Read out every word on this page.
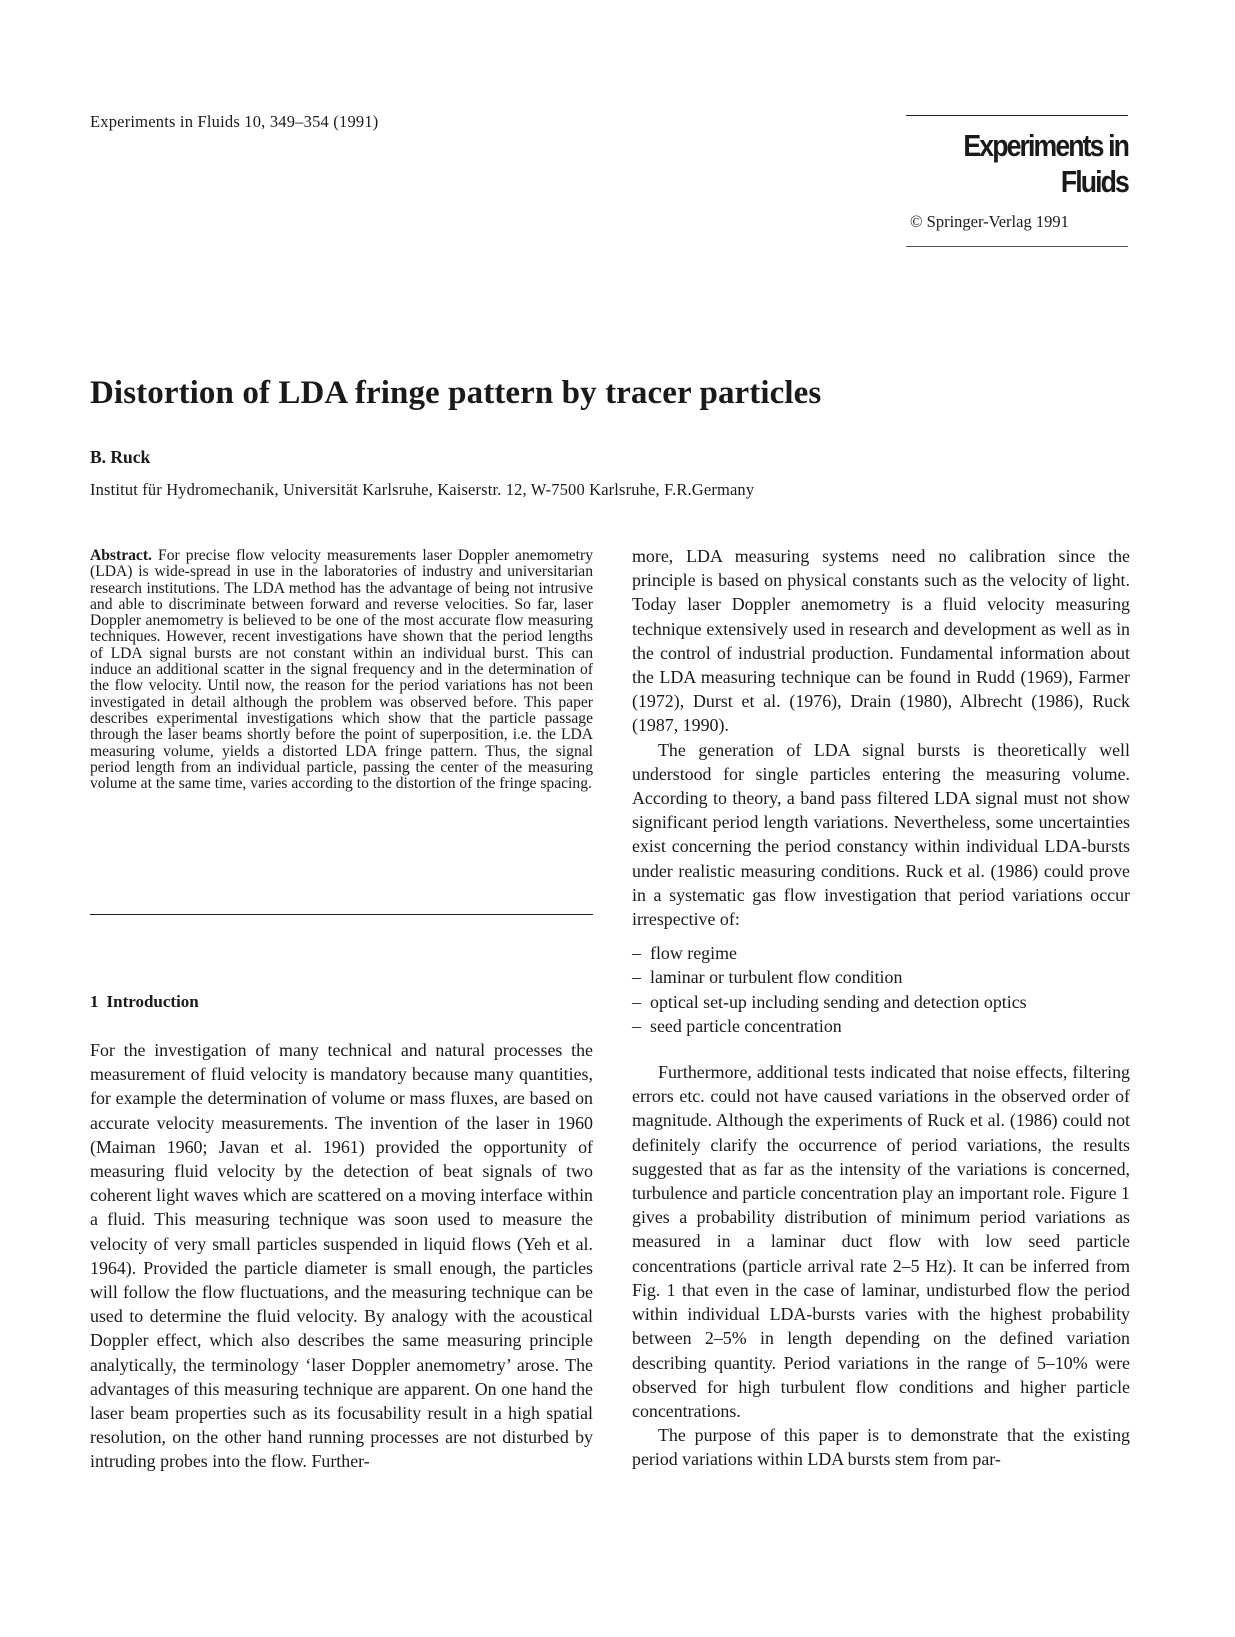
Experiments in Fluids 10, 349–354 (1991)
Experiments in Fluids
© Springer-Verlag 1991
Distortion of LDA fringe pattern by tracer particles
B. Ruck
Institut für Hydromechanik, Universität Karlsruhe, Kaiserstr. 12, W-7500 Karlsruhe, F.R.Germany
Abstract. For precise flow velocity measurements laser Doppler anemometry (LDA) is wide-spread in use in the laboratories of industry and universitarian research institutions. The LDA method has the advantage of being not intrusive and able to discriminate between forward and reverse velocities. So far, laser Doppler anemometry is believed to be one of the most accurate flow measuring techniques. However, recent investigations have shown that the period lengths of LDA signal bursts are not constant within an individual burst. This can induce an additional scatter in the signal frequency and in the determination of the flow velocity. Until now, the reason for the period variations has not been investigated in detail although the problem was observed before. This paper describes experimental investigations which show that the particle passage through the laser beams shortly before the point of superposition, i.e. the LDA measuring volume, yields a distorted LDA fringe pattern. Thus, the signal period length from an individual particle, passing the center of the measuring volume at the same time, varies according to the distortion of the fringe spacing.
1 Introduction

For the investigation of many technical and natural processes the measurement of fluid velocity is mandatory because many quantities, for example the determination of volume or mass fluxes, are based on accurate velocity measurements. The invention of the laser in 1960 (Maiman 1960; Javan et al. 1961) provided the opportunity of measuring fluid velocity by the detection of beat signals of two coherent light waves which are scattered on a moving interface within a fluid. This measuring technique was soon used to measure the velocity of very small particles suspended in liquid flows (Yeh et al. 1964). Provided the particle diameter is small enough, the particles will follow the flow fluctuations, and the measuring technique can be used to determine the fluid velocity. By analogy with the acoustical Doppler effect, which also describes the same measuring principle analytically, the terminology ‘laser Doppler anemometry’ arose. The advantages of this measuring technique are apparent. On one hand the laser beam properties such as its focusability result in a high spatial resolution, on the other hand running processes are not disturbed by intruding probes into the flow. Further-

more, LDA measuring systems need no calibration since the principle is based on physical constants such as the velocity of light. Today laser Doppler anemometry is a fluid velocity measuring technique extensively used in research and development as well as in the control of industrial production. Fundamental information about the LDA measuring technique can be found in Rudd (1969), Farmer (1972), Durst et al. (1976), Drain (1980), Albrecht (1986), Ruck (1987, 1990).

The generation of LDA signal bursts is theoretically well understood for single particles entering the measuring volume. According to theory, a band pass filtered LDA signal must not show significant period length variations. Nevertheless, some uncertainties exist concerning the period constancy within individual LDA-bursts under realistic measuring conditions. Ruck et al. (1986) could prove in a systematic gas flow investigation that period variations occur irrespective of:

– flow regime
– laminar or turbulent flow condition
– optical set-up including sending and detection optics
– seed particle concentration

Furthermore, additional tests indicated that noise effects, filtering errors etc. could not have caused variations in the observed order of magnitude. Although the experiments of Ruck et al. (1986) could not definitely clarify the occurrence of period variations, the results suggested that as far as the intensity of the variations is concerned, turbulence and particle concentration play an important role. Figure 1 gives a probability distribution of minimum period variations as measured in a laminar duct flow with low seed particle concentrations (particle arrival rate 2–5 Hz). It can be inferred from Fig. 1 that even in the case of laminar, undisturbed flow the period within individual LDA-bursts varies with the highest probability between 2–5% in length depending on the defined variation describing quantity. Period variations in the range of 5–10% were observed for high turbulent flow conditions and higher particle concentrations.

The purpose of this paper is to demonstrate that the existing period variations within LDA bursts stem from par-
